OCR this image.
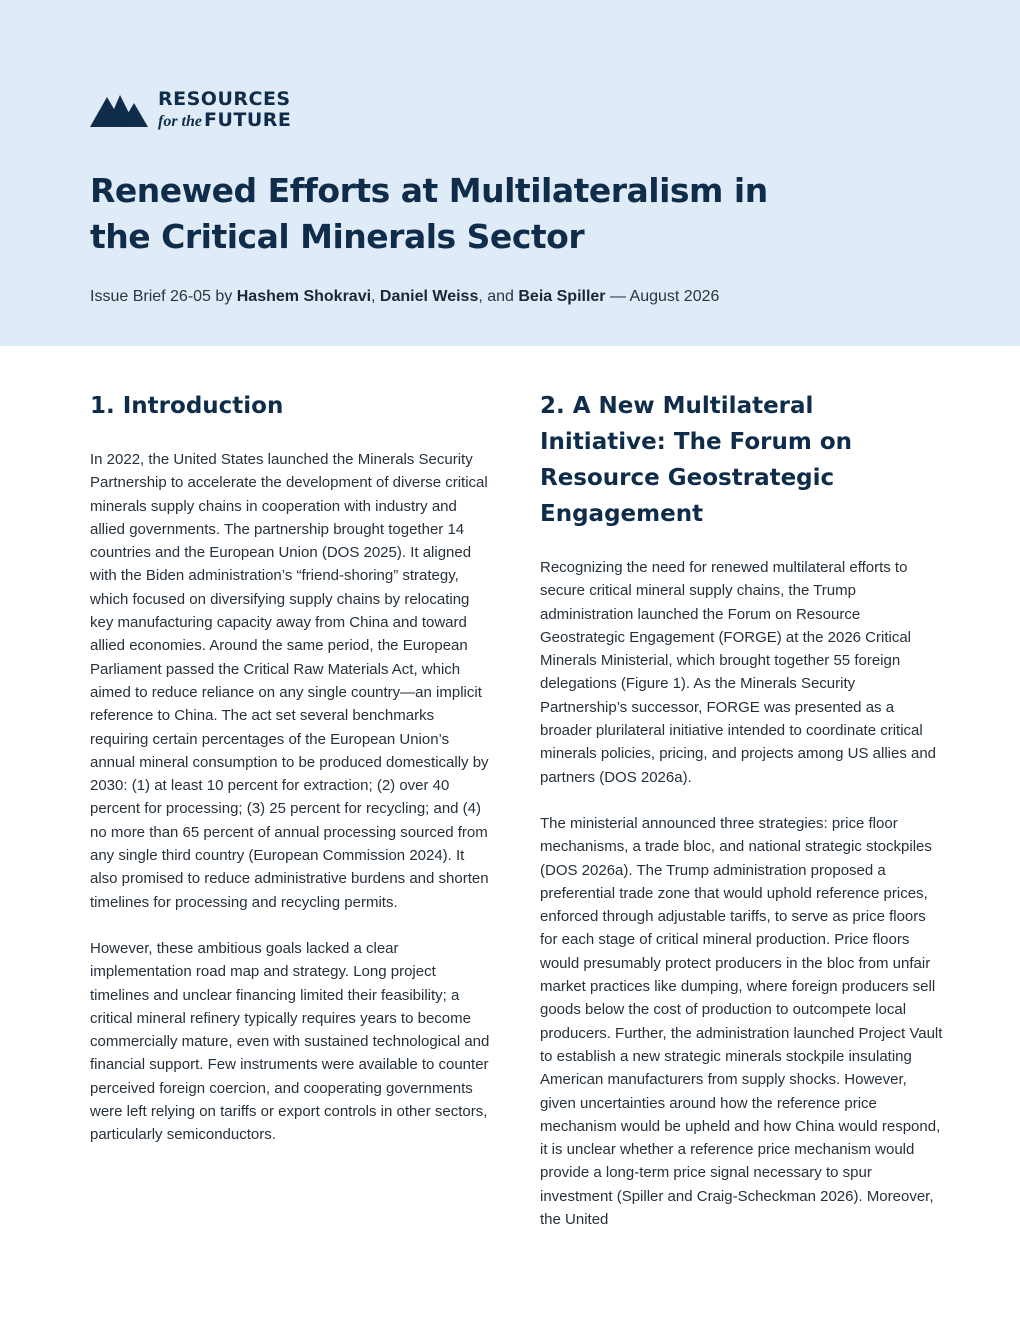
RESOURCES
for the FUTURE
Renewed Efforts at Multilateralism in the Critical Minerals Sector

Issue Brief 26-05 by Hashem Shokravi, Daniel Weiss, and Beia Spiller — August 2026

1. Introduction

In 2022, the United States launched the Minerals Security Partnership to accelerate the development of diverse critical minerals supply chains in cooperation with industry and allied governments. The partnership brought together 14 countries and the European Union (DOS 2025). It aligned with the Biden administration’s “friend-shoring” strategy, which focused on diversifying supply chains by relocating key manufacturing capacity away from China and toward allied economies. Around the same period, the European Parliament passed the Critical Raw Materials Act, which aimed to reduce reliance on any single country—an implicit reference to China. The act set several benchmarks requiring certain percentages of the European Union’s annual mineral consumption to be produced domestically by 2030: (1) at least 10 percent for extraction; (2) over 40 percent for processing; (3) 25 percent for recycling; and (4) no more than 65 percent of annual processing sourced from any single third country (European Commission 2024). It also promised to reduce administrative burdens and shorten timelines for processing and recycling permits.

However, these ambitious goals lacked a clear implementation road map and strategy. Long project timelines and unclear financing limited their feasibility; a critical mineral refinery typically requires years to become commercially mature, even with sustained technological and financial support. Few instruments were available to counter perceived foreign coercion, and cooperating governments were left relying on tariffs or export controls in other sectors, particularly semiconductors.

2. A New Multilateral Initiative: The Forum on Resource Geostrategic Engagement

Recognizing the need for renewed multilateral efforts to secure critical mineral supply chains, the Trump administration launched the Forum on Resource Geostrategic Engagement (FORGE) at the 2026 Critical Minerals Ministerial, which brought together 55 foreign delegations (Figure 1). As the Minerals Security Partnership’s successor, FORGE was presented as a broader plurilateral initiative intended to coordinate critical minerals policies, pricing, and projects among US allies and partners (DOS 2026a).

The ministerial announced three strategies: price floor mechanisms, a trade bloc, and national strategic stockpiles (DOS 2026a). The Trump administration proposed a preferential trade zone that would uphold reference prices, enforced through adjustable tariffs, to serve as price floors for each stage of critical mineral production. Price floors would presumably protect producers in the bloc from unfair market practices like dumping, where foreign producers sell goods below the cost of production to outcompete local producers. Further, the administration launched Project Vault to establish a new strategic minerals stockpile insulating American manufacturers from supply shocks. However, given uncertainties around how the reference price mechanism would be upheld and how China would respond, it is unclear whether a reference price mechanism would provide a long-term price signal necessary to spur investment (Spiller and Craig-Scheckman 2026). Moreover, the United
